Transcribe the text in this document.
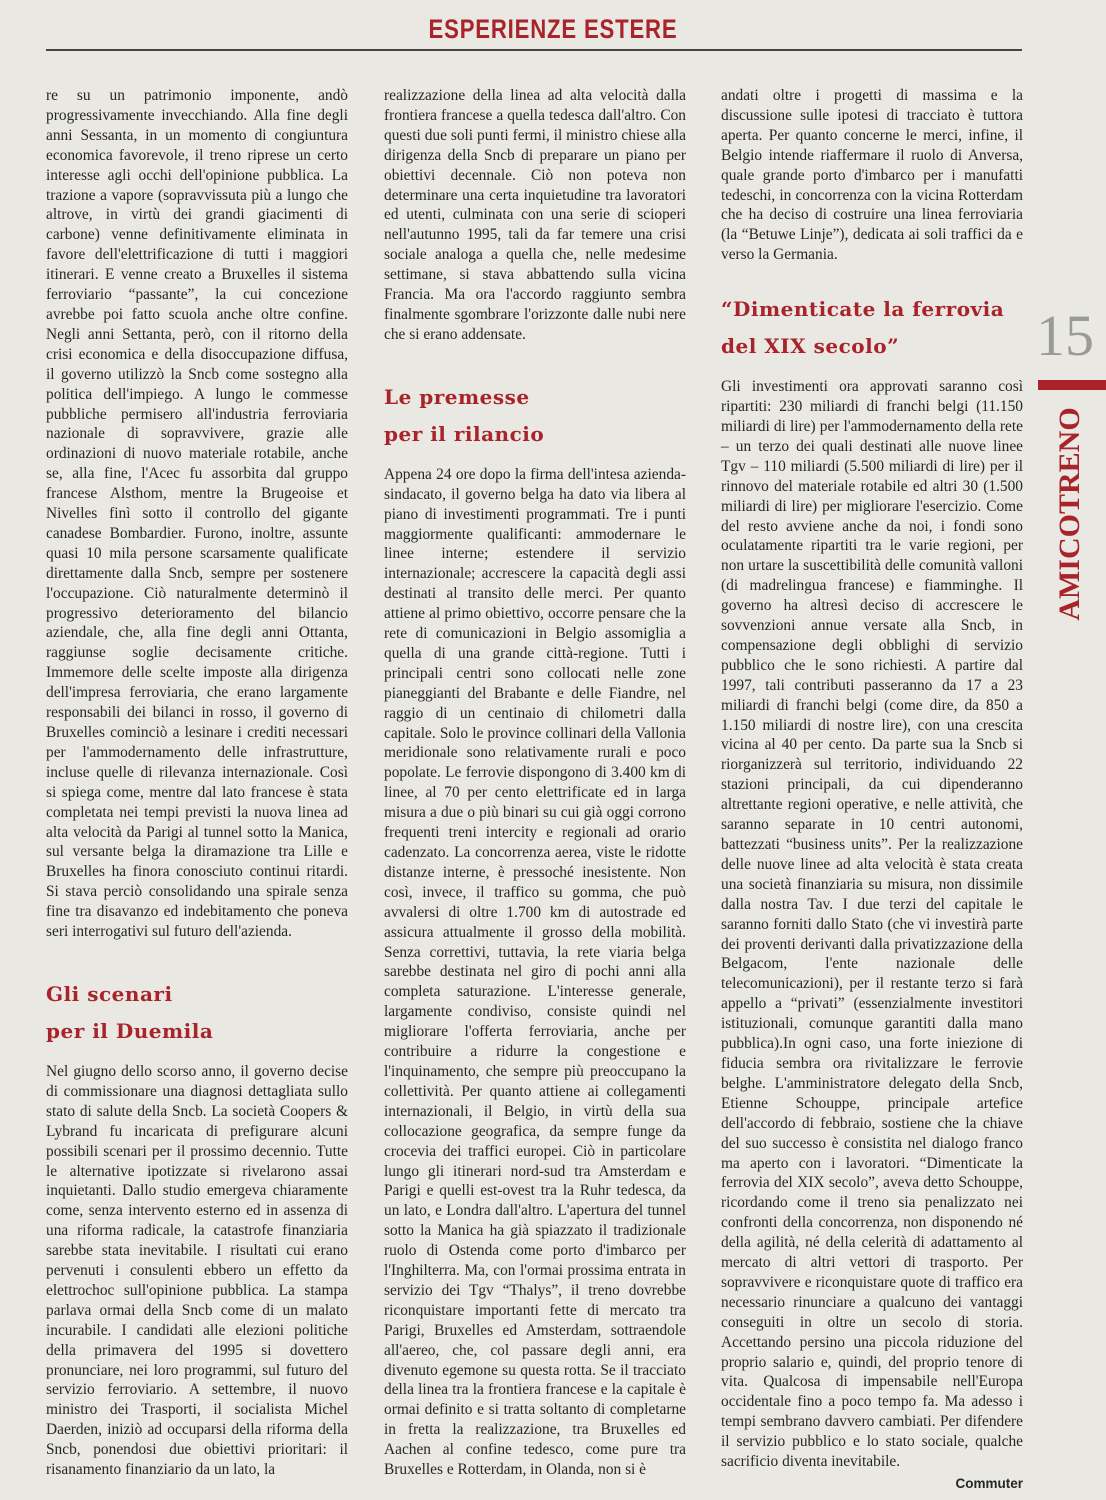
ESPERIENZE ESTERE

re su un patrimonio imponente, andò progressivamente invecchiando. Alla fine degli anni Sessanta, in un momento di congiuntura economica favorevole, il treno riprese un certo interesse agli occhi dell'opinione pubblica. La trazione a vapore (sopravvissuta più a lungo che altrove, in virtù dei grandi giacimenti di carbone) venne definitivamente eliminata in favore dell'elettrificazione di tutti i maggiori itinerari. E venne creato a Bruxelles il sistema ferroviario “passante”, la cui concezione avrebbe poi fatto scuola anche oltre confine. Negli anni Settanta, però, con il ritorno della crisi economica e della disoccupazione diffusa, il governo utilizzò la Sncb come sostegno alla politica dell'impiego. A lungo le commesse pubbliche permisero all'industria ferroviaria nazionale di sopravvivere, grazie alle ordinazioni di nuovo materiale rotabile, anche se, alla fine, l'Acec fu assorbita dal gruppo francese Alsthom, mentre la Brugeoise et Nivelles finì sotto il controllo del gigante canadese Bombardier. Furono, inoltre, assunte quasi 10 mila persone scarsamente qualificate direttamente dalla Sncb, sempre per sostenere l'occupazione. Ciò naturalmente determinò il progressivo deterioramento del bilancio aziendale, che, alla fine degli anni Ottanta, raggiunse soglie decisamente critiche. Immemore delle scelte imposte alla dirigenza dell'impresa ferroviaria, che erano largamente responsabili dei bilanci in rosso, il governo di Bruxelles cominciò a lesinare i crediti necessari per l'ammodernamento delle infrastrutture, incluse quelle di rilevanza internazionale. Così si spiega come, mentre dal lato francese è stata completata nei tempi previsti la nuova linea ad alta velocità da Parigi al tunnel sotto la Manica, sul versante belga la diramazione tra Lille e Bruxelles ha finora conosciuto continui ritardi. Si stava perciò consolidando una spirale senza fine tra disavanzo ed indebitamento che poneva seri interrogativi sul futuro dell'azienda.

Gli scenari
per il Duemila

Nel giugno dello scorso anno, il governo decise di commissionare una diagnosi dettagliata sullo stato di salute della Sncb. La società Coopers & Lybrand fu incaricata di prefigurare alcuni possibili scenari per il prossimo decennio. Tutte le alternative ipotizzate si rivelarono assai inquietanti. Dallo studio emergeva chiaramente come, senza intervento esterno ed in assenza di una riforma radicale, la catastrofe finanziaria sarebbe stata inevitabile. I risultati cui erano pervenuti i consulenti ebbero un effetto da elettrochoc sull'opinione pubblica. La stampa parlava ormai della Sncb come di un malato incurabile. I candidati alle elezioni politiche della primavera del 1995 si dovettero pronunciare, nei loro programmi, sul futuro del servizio ferroviario. A settembre, il nuovo ministro dei Trasporti, il socialista Michel Daerden, iniziò ad occuparsi della riforma della Sncb, ponendosi due obiettivi prioritari: il risanamento finanziario da un lato, la

realizzazione della linea ad alta velocità dalla frontiera francese a quella tedesca dall'altro. Con questi due soli punti fermi, il ministro chiese alla dirigenza della Sncb di preparare un piano per obiettivi decennale. Ciò non poteva non determinare una certa inquietudine tra lavoratori ed utenti, culminata con una serie di scioperi nell'autunno 1995, tali da far temere una crisi sociale analoga a quella che, nelle medesime settimane, si stava abbattendo sulla vicina Francia. Ma ora l'accordo raggiunto sembra finalmente sgombrare l'orizzonte dalle nubi nere che si erano addensate.

Le premesse
per il rilancio

Appena 24 ore dopo la firma dell'intesa azienda-sindacato, il governo belga ha dato via libera al piano di investimenti programmati. Tre i punti maggiormente qualificanti: ammodernare le linee interne; estendere il servizio internazionale; accrescere la capacità degli assi destinati al transito delle merci. Per quanto attiene al primo obiettivo, occorre pensare che la rete di comunicazioni in Belgio assomiglia a quella di una grande città-regione. Tutti i principali centri sono collocati nelle zone pianeggianti del Brabante e delle Fiandre, nel raggio di un centinaio di chilometri dalla capitale. Solo le province collinari della Vallonia meridionale sono relativamente rurali e poco popolate. Le ferrovie dispongono di 3.400 km di linee, al 70 per cento elettrificate ed in larga misura a due o più binari su cui già oggi corrono frequenti treni intercity e regionali ad orario cadenzato. La concorrenza aerea, viste le ridotte distanze interne, è pressoché inesistente. Non così, invece, il traffico su gomma, che può avvalersi di oltre 1.700 km di autostrade ed assicura attualmente il grosso della mobilità. Senza correttivi, tuttavia, la rete viaria belga sarebbe destinata nel giro di pochi anni alla completa saturazione. L'interesse generale, largamente condiviso, consiste quindi nel migliorare l'offerta ferroviaria, anche per contribuire a ridurre la congestione e l'inquinamento, che sempre più preoccupano la collettività. Per quanto attiene ai collegamenti internazionali, il Belgio, in virtù della sua collocazione geografica, da sempre funge da crocevia dei traffici europei. Ciò in particolare lungo gli itinerari nord-sud tra Amsterdam e Parigi e quelli est-ovest tra la Ruhr tedesca, da un lato, e Londra dall'altro. L'apertura del tunnel sotto la Manica ha già spiazzato il tradizionale ruolo di Ostenda come porto d'imbarco per l'Inghilterra. Ma, con l'ormai prossima entrata in servizio dei Tgv “Thalys”, il treno dovrebbe riconquistare importanti fette di mercato tra Parigi, Bruxelles ed Amsterdam, sottraendole all'aereo, che, col passare degli anni, era divenuto egemone su questa rotta. Se il tracciato della linea tra la frontiera francese e la capitale è ormai definito e si tratta soltanto di completarne in fretta la realizzazione, tra Bruxelles ed Aachen al confine tedesco, come pure tra Bruxelles e Rotterdam, in Olanda, non si è

andati oltre i progetti di massima e la discussione sulle ipotesi di tracciato è tuttora aperta. Per quanto concerne le merci, infine, il Belgio intende riaffermare il ruolo di Anversa, quale grande porto d'imbarco per i manufatti tedeschi, in concorrenza con la vicina Rotterdam che ha deciso di costruire una linea ferroviaria (la “Betuwe Linje”), dedicata ai soli traffici da e verso la Germania.

“Dimenticate la ferrovia
del XIX secolo”

Gli investimenti ora approvati saranno così ripartiti: 230 miliardi di franchi belgi (11.150 miliardi di lire) per l'ammodernamento della rete – un terzo dei quali destinati alle nuove linee Tgv – 110 miliardi (5.500 miliardi di lire) per il rinnovo del materiale rotabile ed altri 30 (1.500 miliardi di lire) per migliorare l'esercizio. Come del resto avviene anche da noi, i fondi sono oculatamente ripartiti tra le varie regioni, per non urtare la suscettibilità delle comunità valloni (di madrelingua francese) e fiamminghe. Il governo ha altresì deciso di accrescere le sovvenzioni annue versate alla Sncb, in compensazione degli obblighi di servizio pubblico che le sono richiesti. A partire dal 1997, tali contributi passeranno da 17 a 23 miliardi di franchi belgi (come dire, da 850 a 1.150 miliardi di nostre lire), con una crescita vicina al 40 per cento. Da parte sua la Sncb si riorganizzerà sul territorio, individuando 22 stazioni principali, da cui dipenderanno altrettante regioni operative, e nelle attività, che saranno separate in 10 centri autonomi, battezzati “business units”. Per la realizzazione delle nuove linee ad alta velocità è stata creata una società finanziaria su misura, non dissimile dalla nostra Tav. I due terzi del capitale le saranno forniti dallo Stato (che vi investirà parte dei proventi derivanti dalla privatizzazione della Belgacom, l'ente nazionale delle telecomunicazioni), per il restante terzo si farà appello a “privati” (essenzialmente investitori istituzionali, comunque garantiti dalla mano pubblica).In ogni caso, una forte iniezione di fiducia sembra ora rivitalizzare le ferrovie belghe. L'amministratore delegato della Sncb, Etienne Schouppe, principale artefice dell'accordo di febbraio, sostiene che la chiave del suo successo è consistita nel dialogo franco ma aperto con i lavoratori. “Dimenticate la ferrovia del XIX secolo”, aveva detto Schouppe, ricordando come il treno sia penalizzato nei confronti della concorrenza, non disponendo né della agilità, né della celerità di adattamento al mercato di altri vettori di trasporto. Per sopravvivere e riconquistare quote di traffico era necessario rinunciare a qualcuno dei vantaggi conseguiti in oltre un secolo di storia. Accettando persino una piccola riduzione del proprio salario e, quindi, del proprio tenore di vita. Qualcosa di impensabile nell'Europa occidentale fino a poco tempo fa. Ma adesso i tempi sembrano davvero cambiati. Per difendere il servizio pubblico e lo stato sociale, qualche sacrificio diventa inevitabile.

Commuter
15
AMICOTRENO
